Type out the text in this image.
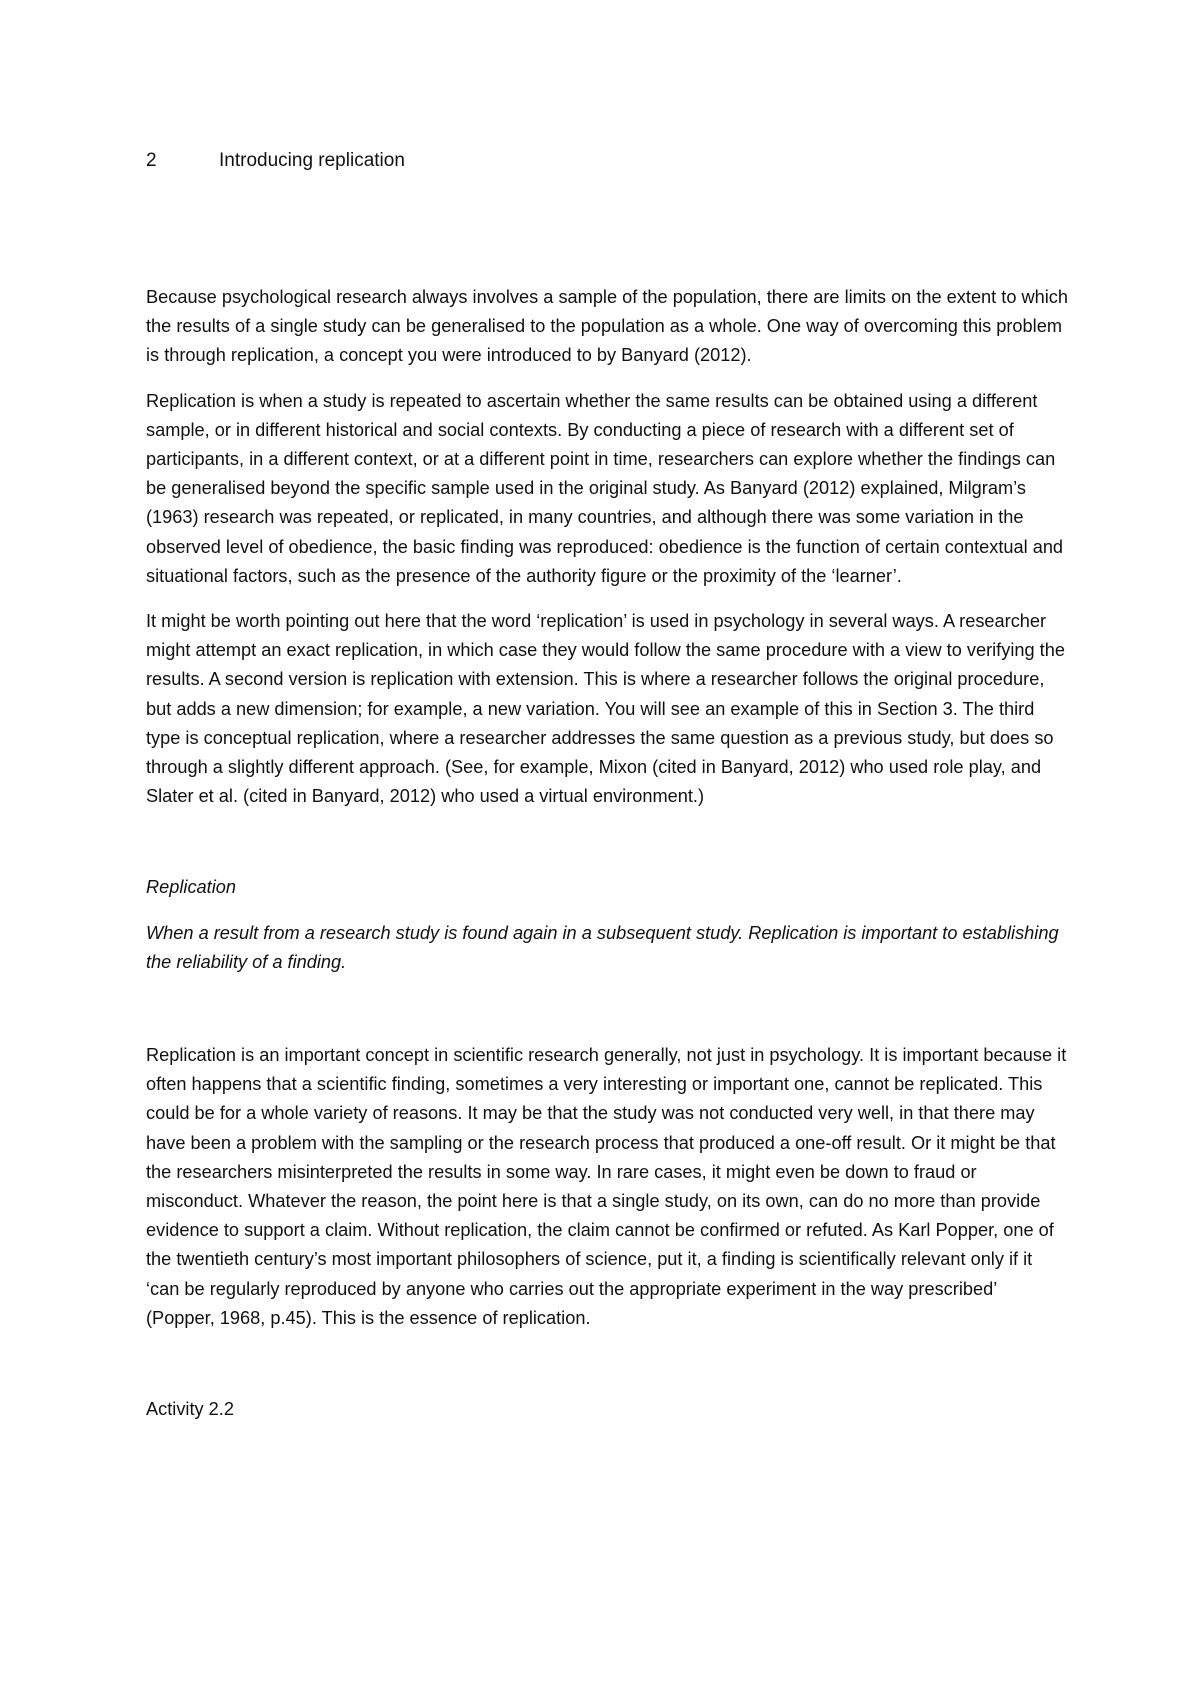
2	Introducing replication

Because psychological research always involves a sample of the population, there are limits on the extent to which the results of a single study can be generalised to the population as a whole. One way of overcoming this problem is through replication, a concept you were introduced to by Banyard (2012).

Replication is when a study is repeated to ascertain whether the same results can be obtained using a different sample, or in different historical and social contexts. By conducting a piece of research with a different set of participants, in a different context, or at a different point in time, researchers can explore whether the findings can be generalised beyond the specific sample used in the original study. As Banyard (2012) explained, Milgram’s (1963) research was repeated, or replicated, in many countries, and although there was some variation in the observed level of obedience, the basic finding was reproduced: obedience is the function of certain contextual and situational factors, such as the presence of the authority figure or the proximity of the ‘learner’.

It might be worth pointing out here that the word ‘replication’ is used in psychology in several ways. A researcher might attempt an exact replication, in which case they would follow the same procedure with a view to verifying the results. A second version is replication with extension. This is where a researcher follows the original procedure, but adds a new dimension; for example, a new variation. You will see an example of this in Section 3. The third type is conceptual replication, where a researcher addresses the same question as a previous study, but does so through a slightly different approach. (See, for example, Mixon (cited in Banyard, 2012) who used role play, and Slater et al. (cited in Banyard, 2012) who used a virtual environment.)

Replication

When a result from a research study is found again in a subsequent study. Replication is important to establishing the reliability of a finding.

Replication is an important concept in scientific research generally, not just in psychology. It is important because it often happens that a scientific finding, sometimes a very interesting or important one, cannot be replicated. This could be for a whole variety of reasons. It may be that the study was not conducted very well, in that there may have been a problem with the sampling or the research process that produced a one-off result. Or it might be that the researchers misinterpreted the results in some way. In rare cases, it might even be down to fraud or misconduct. Whatever the reason, the point here is that a single study, on its own, can do no more than provide evidence to support a claim. Without replication, the claim cannot be confirmed or refuted. As Karl Popper, one of the twentieth century’s most important philosophers of science, put it, a finding is scientifically relevant only if it ‘can be regularly reproduced by anyone who carries out the appropriate experiment in the way prescribed’ (Popper, 1968, p.45). This is the essence of replication.

Activity 2.2
